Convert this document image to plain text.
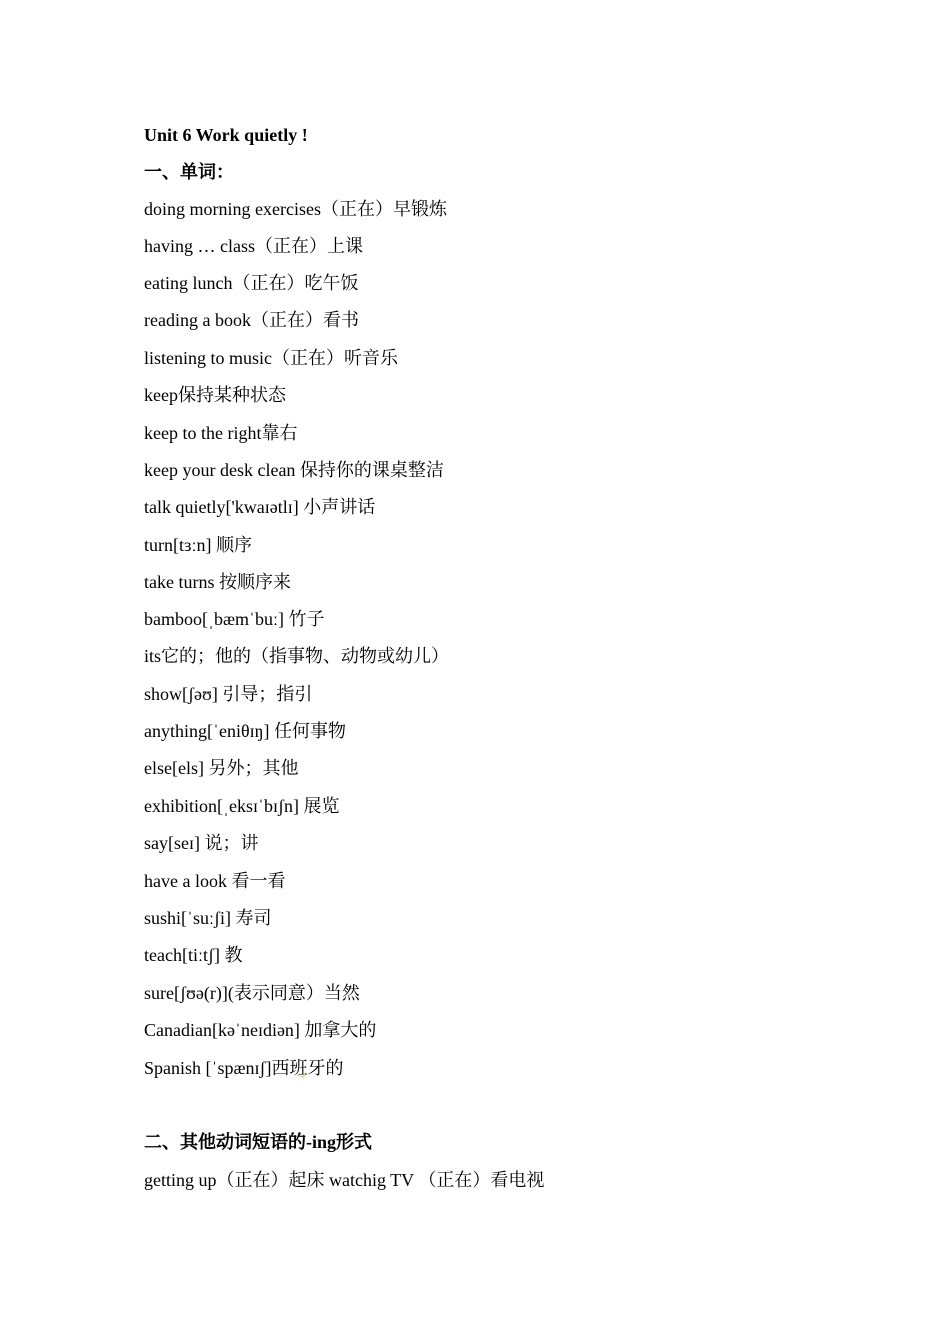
Unit 6 Work quietly !
一、单词：
doing morning exercises（正在）早锻炼
having … class（正在）上课
eating lunch（正在）吃午饭
reading a book（正在）看书
listening to music（正在）听音乐
keep保持某种状态
keep to the right靠右
keep your desk clean 保持你的课桌整洁
talk quietly['kwaɪətlɪ] 小声讲话
turn[tɜːn] 顺序
take turns 按顺序来
bamboo[ˌbæmˈbuː] 竹子
its它的；他的（指事物、动物或幼儿）
show[ʃəʊ] 引导；指引
anything[ˈeniθɪŋ] 任何事物
else[els] 另外；其他
exhibition[ˌeksɪˈbɪʃn] 展览
say[seɪ] 说；讲
have a look 看一看
sushi[ˈsuːʃi] 寿司
teach[tiːtʃ] 教
sure[ʃʊə(r)](表示同意）当然
Canadian[kəˈneɪdiən] 加拿大的
Spanish [ˈspænɪʃ]西班牙的
二、其他动词短语的-ing形式
getting up（正在）起床 watchig TV （正在）看电视
